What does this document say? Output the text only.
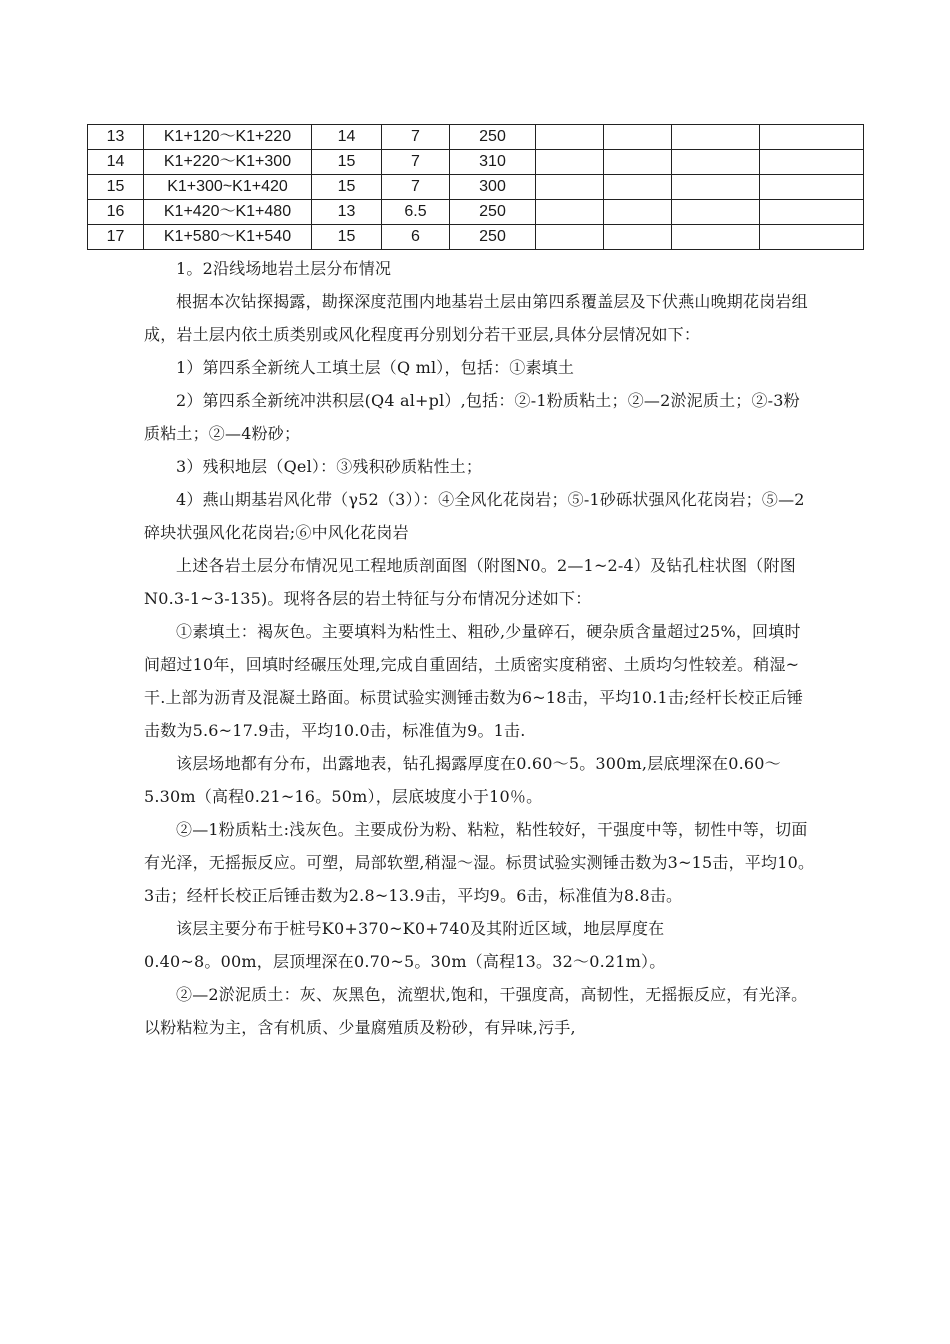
13	K1+120～K1+220	14	7	250				
14	K1+220～K1+300	15	7	310				
15	K1+300~K1+420	15	7	300				
16	K1+420～K1+480	13	6.5	250				
17	K1+580～K1+540	15	6	250				

1。2沿线场地岩土层分布情况

根据本次钻探揭露，勘探深度范围内地基岩土层由第四系覆盖层及下伏燕山晚期花岗岩组成，岩土层内依土质类别或风化程度再分别划分若干亚层,具体分层情况如下：

1）第四系全新统人工填土层（Q ml），包括：①素填土

2）第四系全新统冲洪积层(Q4 al+pl）,包括：②-1粉质粘土；②—2淤泥质土；②-3粉质粘土；②—4粉砂；

3）残积地层（Qel）：③残积砂质粘性土；

4）燕山期基岩风化带（γ52（3））：④全风化花岗岩；⑤-1砂砾状强风化花岗岩；⑤—2碎块状强风化花岗岩;⑥中风化花岗岩

上述各岩土层分布情况见工程地质剖面图（附图N0。2—1~2-4）及钻孔柱状图（附图N0.3-1~3-135)。现将各层的岩土特征与分布情况分述如下：

①素填土：褐灰色。主要填料为粘性土、粗砂,少量碎石，硬杂质含量超过25%，回填时间超过10年，回填时经碾压处理,完成自重固结，土质密实度稍密、土质均匀性较差。稍湿~干.上部为沥青及混凝土路面。标贯试验实测锤击数为6~18击，平均10.1击;经杆长校正后锤击数为5.6~17.9击，平均10.0击，标准值为9。1击.

该层场地都有分布，出露地表，钻孔揭露厚度在0.60～5。300m,层底埋深在0.60～5.30m（高程0.21~16。50m），层底坡度小于10％。

②—1粉质粘土:浅灰色。主要成份为粉、粘粒，粘性较好，干强度中等，韧性中等，切面有光泽，无摇振反应。可塑，局部软塑,稍湿～湿。标贯试验实测锤击数为3~15击，平均10。3击；经杆长校正后锤击数为2.8~13.9击，平均9。6击，标准值为8.8击。

该层主要分布于桩号K0+370~K0+740及其附近区域，地层厚度在

0.40~8。00m，层顶埋深在0.70~5。30m（高程13。32～0.21m）。

②—2淤泥质土：灰、灰黑色，流塑状,饱和，干强度高，高韧性，无摇振反应，有光泽。以粉粘粒为主，含有机质、少量腐殖质及粉砂，有异味,污手,
